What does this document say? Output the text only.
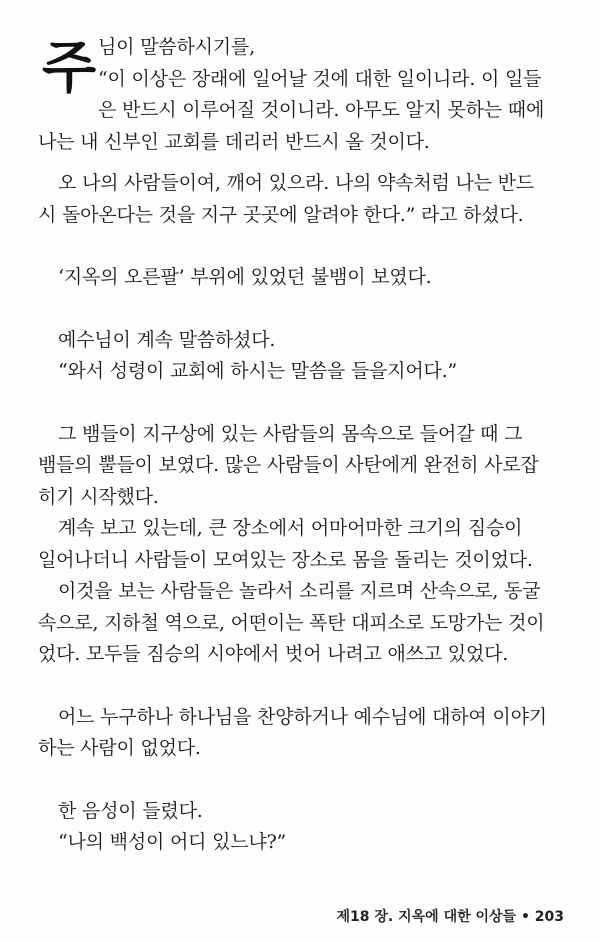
주 님이 말씀하시기를,

“이 이상은 장래에 일어날 것에 대한 일이니라. 이 일들

은 반드시 이루어질 것이니라. 아무도 알지 못하는 때에

나는 내 신부인 교회를 데리러 반드시 올 것이다.

오 나의 사람들이여, 깨어 있으라. 나의 약속처럼 나는 반드

시 돌아온다는 것을 지구 곳곳에 알려야 한다.” 라고 하셨다.

‘지옥의 오른팔’ 부위에 있었던 불뱀이 보였다.

예수님이 계속 말씀하셨다.

“와서 성령이 교회에 하시는 말씀을 들을지어다.”

그 뱀들이 지구상에 있는 사람들의 몸속으로 들어갈 때 그

뱀들의 뿔들이 보였다. 많은 사람들이 사탄에게 완전히 사로잡

히기 시작했다.

계속 보고 있는데, 큰 장소에서 어마어마한 크기의 짐승이

일어나더니 사람들이 모여있는 장소로 몸을 돌리는 것이었다.

이것을 보는 사람들은 놀라서 소리를 지르며 산속으로, 동굴

속으로, 지하철 역으로, 어떤이는 폭탄 대피소로 도망가는 것이

었다. 모두들 짐승의 시야에서 벗어 나려고 애쓰고 있었다.

어느 누구하나 하나님을 찬양하거나 예수님에 대하여 이야기

하는 사람이 없었다.

한 음성이 들렸다.

“나의 백성이 어디 있느냐?”

제18 장. 지옥에 대한 이상들 • 203
